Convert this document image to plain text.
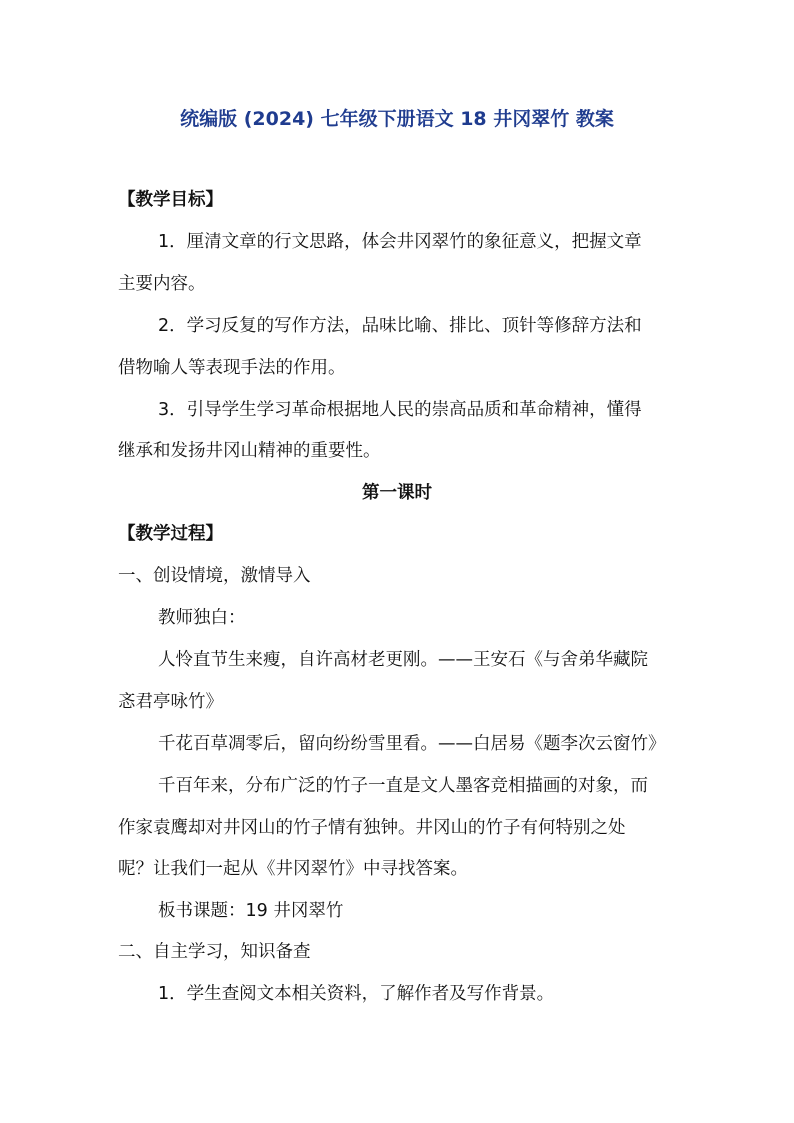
统编版 (2024) 七年级下册语文 18 井冈翠竹 教案
【教学目标】
1．厘清文章的行文思路，体会井冈翠竹的象征意义，把握文章
主要内容。
2．学习反复的写作方法，品味比喻、排比、顶针等修辞方法和
借物喻人等表现手法的作用。
3．引导学生学习革命根据地人民的崇高品质和革命精神，懂得
继承和发扬井冈山精神的重要性。
第一课时
【教学过程】
一、创设情境，激情导入
教师独白：
人怜直节生来瘦，自许高材老更刚。——王安石《与舍弟华藏院
忞君亭咏竹》
千花百草凋零后，留向纷纷雪里看。——白居易《题李次云窗竹》
千百年来，分布广泛的竹子一直是文人墨客竞相描画的对象，而
作家袁鹰却对井冈山的竹子情有独钟。井冈山的竹子有何特别之处
呢？让我们一起从《井冈翠竹》中寻找答案。
板书课题：19 井冈翠竹
二、自主学习，知识备查
1．学生查阅文本相关资料，了解作者及写作背景。
